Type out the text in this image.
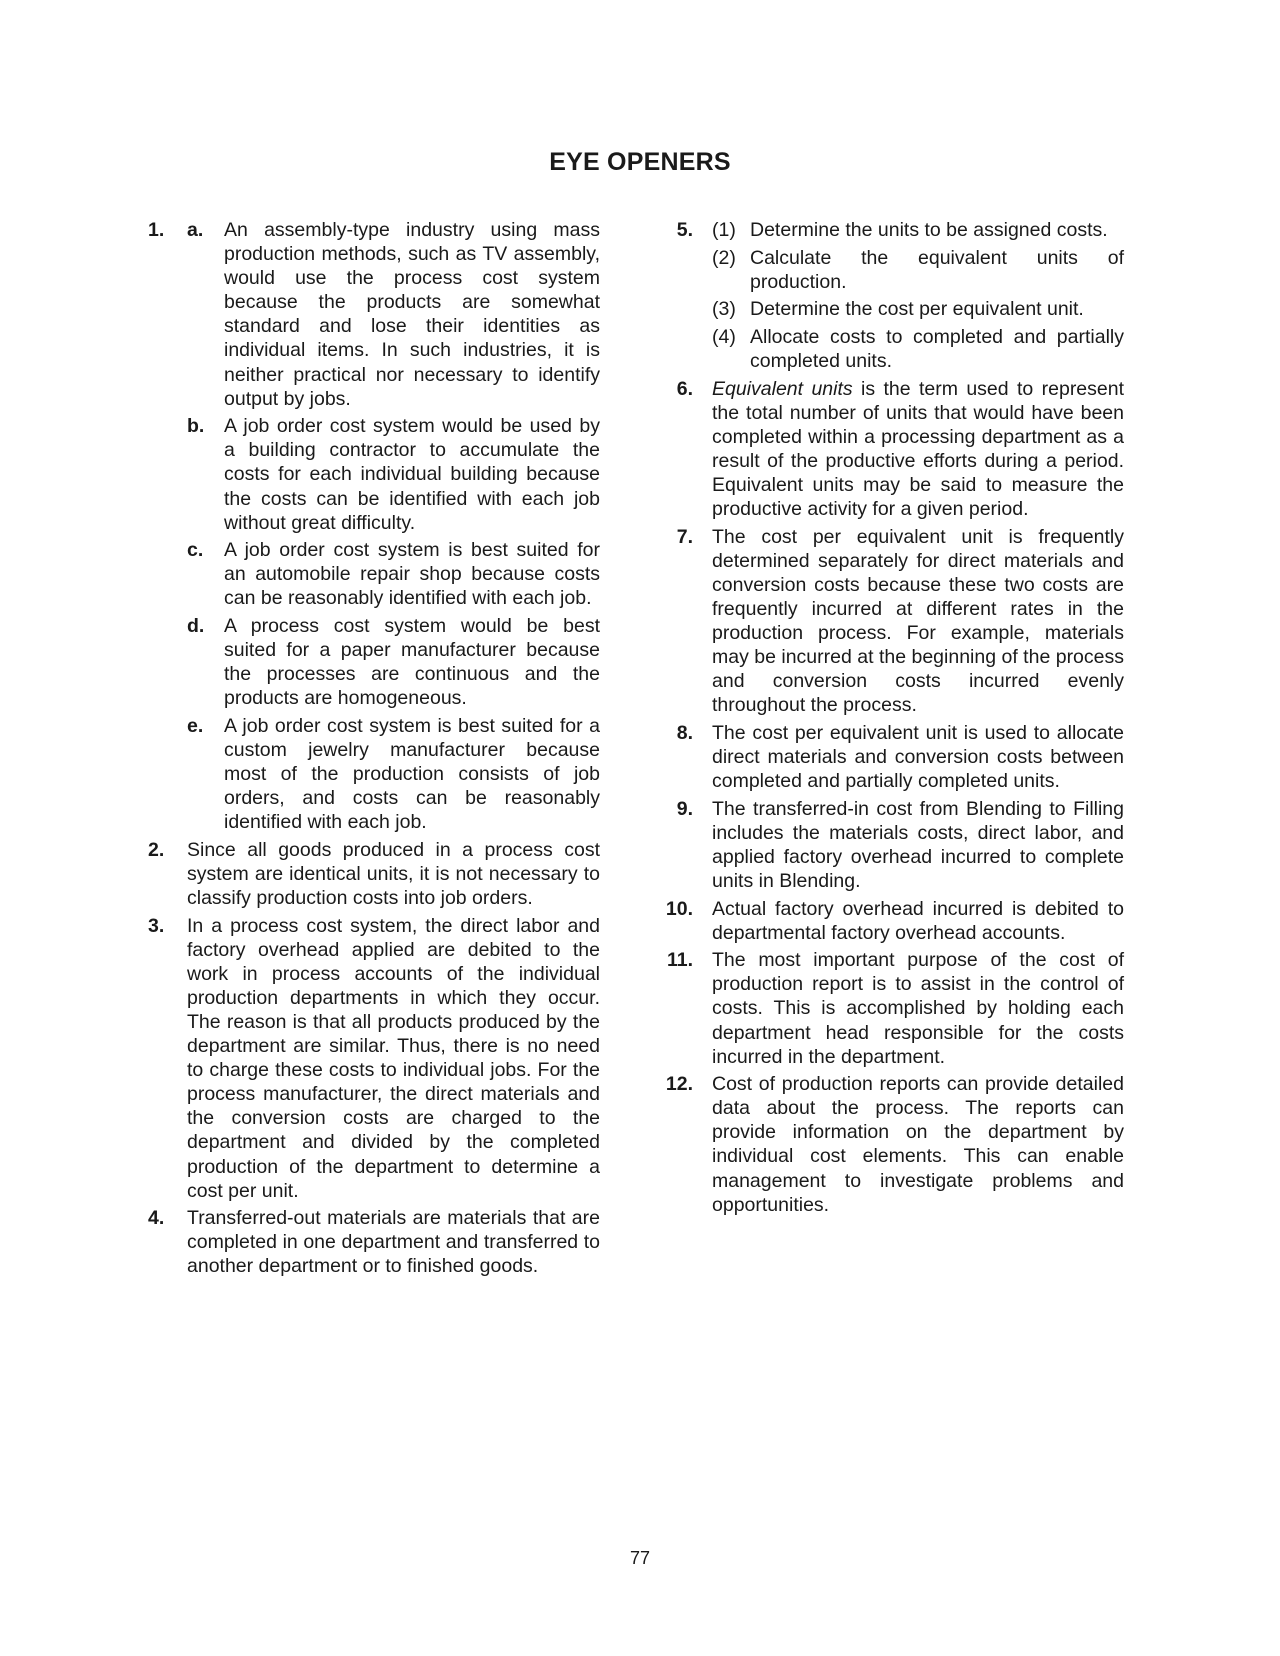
EYE OPENERS
1. a. An assembly-type industry using mass production methods, such as TV assembly, would use the process cost system because the products are somewhat standard and lose their identities as individual items. In such industries, it is neither practical nor necessary to identify output by jobs.
b. A job order cost system would be used by a building contractor to accumulate the costs for each individual building because the costs can be identified with each job without great difficulty.
c. A job order cost system is best suited for an automobile repair shop because costs can be reasonably identified with each job.
d. A process cost system would be best suited for a paper manufacturer because the processes are continuous and the products are homogeneous.
e. A job order cost system is best suited for a custom jewelry manufacturer because most of the production consists of job orders, and costs can be reasonably identified with each job.
2. Since all goods produced in a process cost system are identical units, it is not necessary to classify production costs into job orders.
3. In a process cost system, the direct labor and factory overhead applied are debited to the work in process accounts of the individual production departments in which they occur. The reason is that all products produced by the department are similar. Thus, there is no need to charge these costs to individual jobs. For the process manufacturer, the direct materials and the conversion costs are charged to the department and divided by the completed production of the department to determine a cost per unit.
4. Transferred-out materials are materials that are completed in one department and transferred to another department or to finished goods.
5. (1) Determine the units to be assigned costs.
(2) Calculate the equivalent units of production.
(3) Determine the cost per equivalent unit.
(4) Allocate costs to completed and partially completed units.
6. Equivalent units is the term used to represent the total number of units that would have been completed within a processing department as a result of the productive efforts during a period. Equivalent units may be said to measure the productive activity for a given period.
7. The cost per equivalent unit is frequently determined separately for direct materials and conversion costs because these two costs are frequently incurred at different rates in the production process. For example, materials may be incurred at the beginning of the process and conversion costs incurred evenly throughout the process.
8. The cost per equivalent unit is used to allocate direct materials and conversion costs between completed and partially completed units.
9. The transferred-in cost from Blending to Filling includes the materials costs, direct labor, and applied factory overhead incurred to complete units in Blending.
10. Actual factory overhead incurred is debited to departmental factory overhead accounts.
11. The most important purpose of the cost of production report is to assist in the control of costs. This is accomplished by holding each department head responsible for the costs incurred in the department.
12. Cost of production reports can provide detailed data about the process. The reports can provide information on the department by individual cost elements. This can enable management to investigate problems and opportunities.
77
